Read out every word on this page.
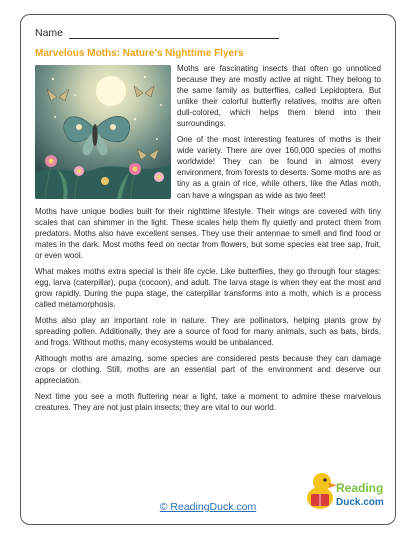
Name
Marvelous Moths: Nature's Nighttime Flyers

Moths are fascinating insects that often go unnoticed because they are mostly active at night. They belong to the same family as butterflies, called Lepidoptera. But unlike their colorful butterfly relatives, moths are often dull-colored, which helps them blend into their surroundings.

One of the most interesting features of moths is their wide variety. There are over 160,000 species of moths worldwide! They can be found in almost every environment, from forests to deserts. Some moths are as tiny as a grain of rice, while others, like the Atlas moth, can have a wingspan as wide as two feet!

Moths have unique bodies built for their nighttime lifestyle. Their wings are covered with tiny scales that can shimmer in the light. These scales help them fly quietly and protect them from predators. Moths also have excellent senses. They use their antennae to smell and find food or mates in the dark. Most moths feed on nectar from flowers, but some species eat tree sap, fruit, or even wool.

What makes moths extra special is their life cycle. Like butterflies, they go through four stages: egg, larva (caterpillar), pupa (cocoon), and adult. The larva stage is when they eat the most and grow rapidly. During the pupa stage, the caterpillar transforms into a moth, which is a process called metamorphosis.

Moths also play an important role in nature. They are pollinators, helping plants grow by spreading pollen. Additionally, they are a source of food for many animals, such as bats, birds, and frogs. Without moths, many ecosystems would be unbalanced.

Although moths are amazing, some species are considered pests because they can damage crops or clothing. Still, moths are an essential part of the environment and deserve our appreciation.

Next time you see a moth fluttering near a light, take a moment to admire these marvelous creatures. They are not just plain insects; they are vital to our world.

© ReadingDuck.com
Reading
Duck.com
